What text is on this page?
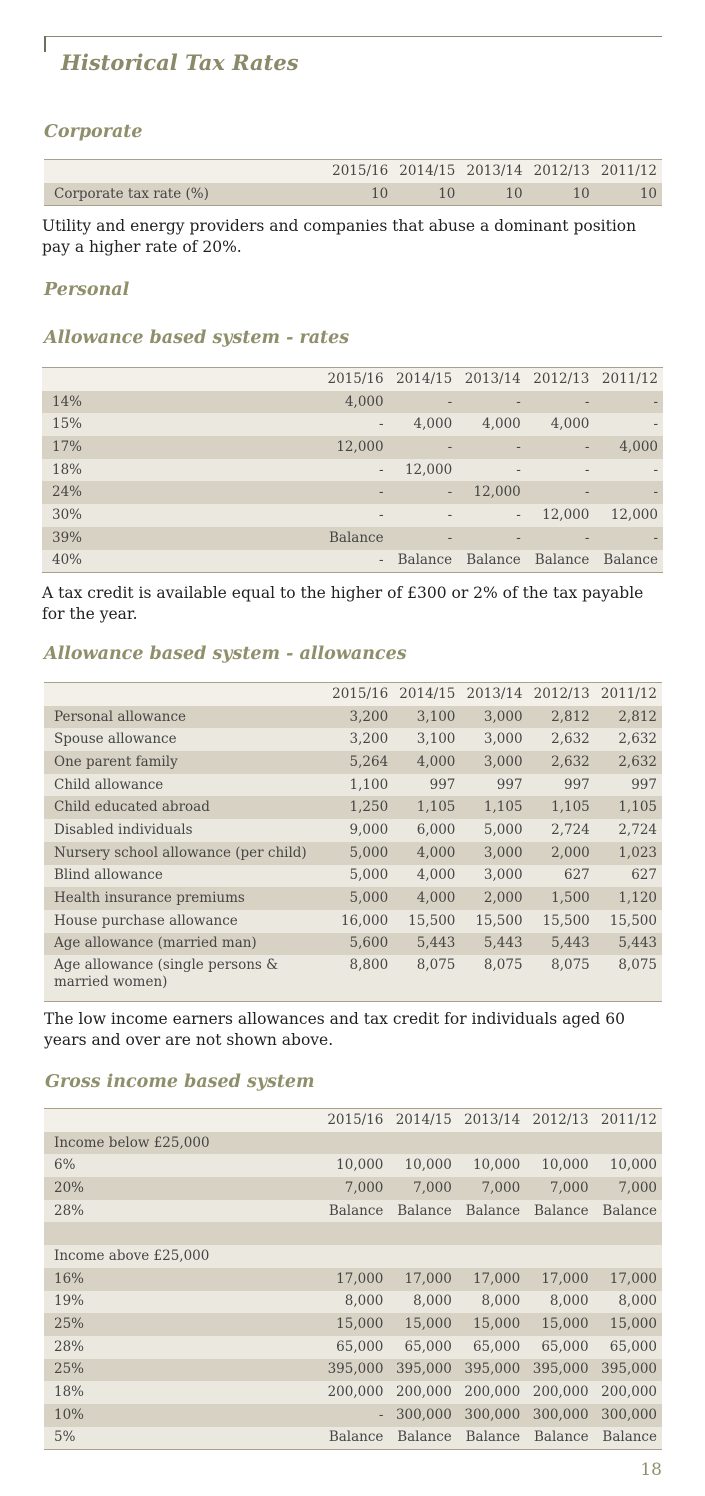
Historical Tax Rates
Corporate
	2015/16	2014/15	2013/14	2012/13	2011/12
Corporate tax rate (%)	10	10	10	10	10

Utility and energy providers and companies that abuse a dominant position pay a higher rate of 20%.

Personal
Allowance based system - rates
	2015/16	2014/15	2013/14	2012/13	2011/12
14%	4,000	-	-	-	-
15%	-	4,000	4,000	4,000	-
17%	12,000	-	-	-	4,000
18%	-	12,000	-	-	-
24%	-	-	12,000	-	-
30%	-	-	-	12,000	12,000
39%	Balance	-	-	-	-
40%	-	Balance	Balance	Balance	Balance

A tax credit is available equal to the higher of £300 or 2% of the tax payable for the year.

Allowance based system - allowances
	2015/16	2014/15	2013/14	2012/13	2011/12
Personal allowance	3,200	3,100	3,000	2,812	2,812
Spouse allowance	3,200	3,100	3,000	2,632	2,632
One parent family	5,264	4,000	3,000	2,632	2,632
Child allowance	1,100	997	997	997	997
Child educated abroad	1,250	1,105	1,105	1,105	1,105
Disabled individuals	9,000	6,000	5,000	2,724	2,724
Nursery school allowance (per child)	5,000	4,000	3,000	2,000	1,023
Blind allowance	5,000	4,000	3,000	627	627
Health insurance premiums	5,000	4,000	2,000	1,500	1,120
House purchase allowance	16,000	15,500	15,500	15,500	15,500
Age allowance (married man)	5,600	5,443	5,443	5,443	5,443
Age allowance (single persons & married women)	8,800	8,075	8,075	8,075	8,075

The low income earners allowances and tax credit for individuals aged 60 years and over are not shown above.

Gross income based system
	2015/16	2014/15	2013/14	2012/13	2011/12
Income below £25,000					
6%	10,000	10,000	10,000	10,000	10,000
20%	7,000	7,000	7,000	7,000	7,000
28%	Balance	Balance	Balance	Balance	Balance

Income above £25,000					
16%	17,000	17,000	17,000	17,000	17,000
19%	8,000	8,000	8,000	8,000	8,000
25%	15,000	15,000	15,000	15,000	15,000
28%	65,000	65,000	65,000	65,000	65,000
25%	395,000	395,000	395,000	395,000	395,000
18%	200,000	200,000	200,000	200,000	200,000
10%	-	300,000	300,000	300,000	300,000
5%	Balance	Balance	Balance	Balance	Balance
18
